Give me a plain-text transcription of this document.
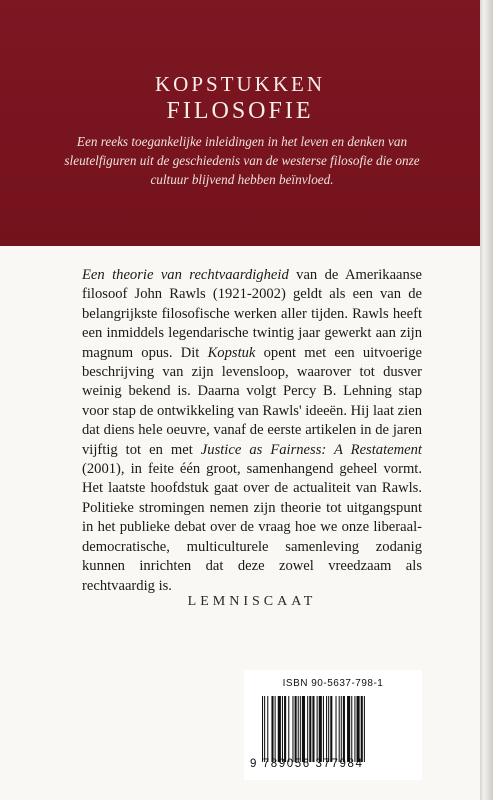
KOPSTUKKEN
FILOSOFIE
Een reeks toegankelijke inleidingen in het leven en denken van sleutelfiguren uit de geschiedenis van de westerse filosofie die onze cultuur blijvend hebben beïnvloed.

Een theorie van rechtvaardigheid van de Amerikaanse filosoof John Rawls (1921-2002) geldt als een van de belangrijkste filosofische werken aller tijden. Rawls heeft een inmiddels legendarische twintig jaar gewerkt aan zijn magnum opus. Dit Kopstuk opent met een uitvoerige beschrijving van zijn levensloop, waarover tot dusver weinig bekend is. Daarna volgt Percy B. Lehning stap voor stap de ontwikkeling van Rawls' ideeën. Hij laat zien dat diens hele oeuvre, vanaf de eerste artikelen in de jaren vijftig tot en met Justice as Fairness: A Restatement (2001), in feite één groot, samenhangend geheel vormt. Het laatste hoofdstuk gaat over de actualiteit van Rawls. Politieke stromingen nemen zijn theorie tot uitgangspunt in het publieke debat over de vraag hoe we onze liberaal-democratische, multiculturele samenleving zodanig kunnen inrichten dat deze zowel vreedzaam als rechtvaardig is.

LEMNISCAAT
ISBN 90-5637-798-1
9 789056 377984
